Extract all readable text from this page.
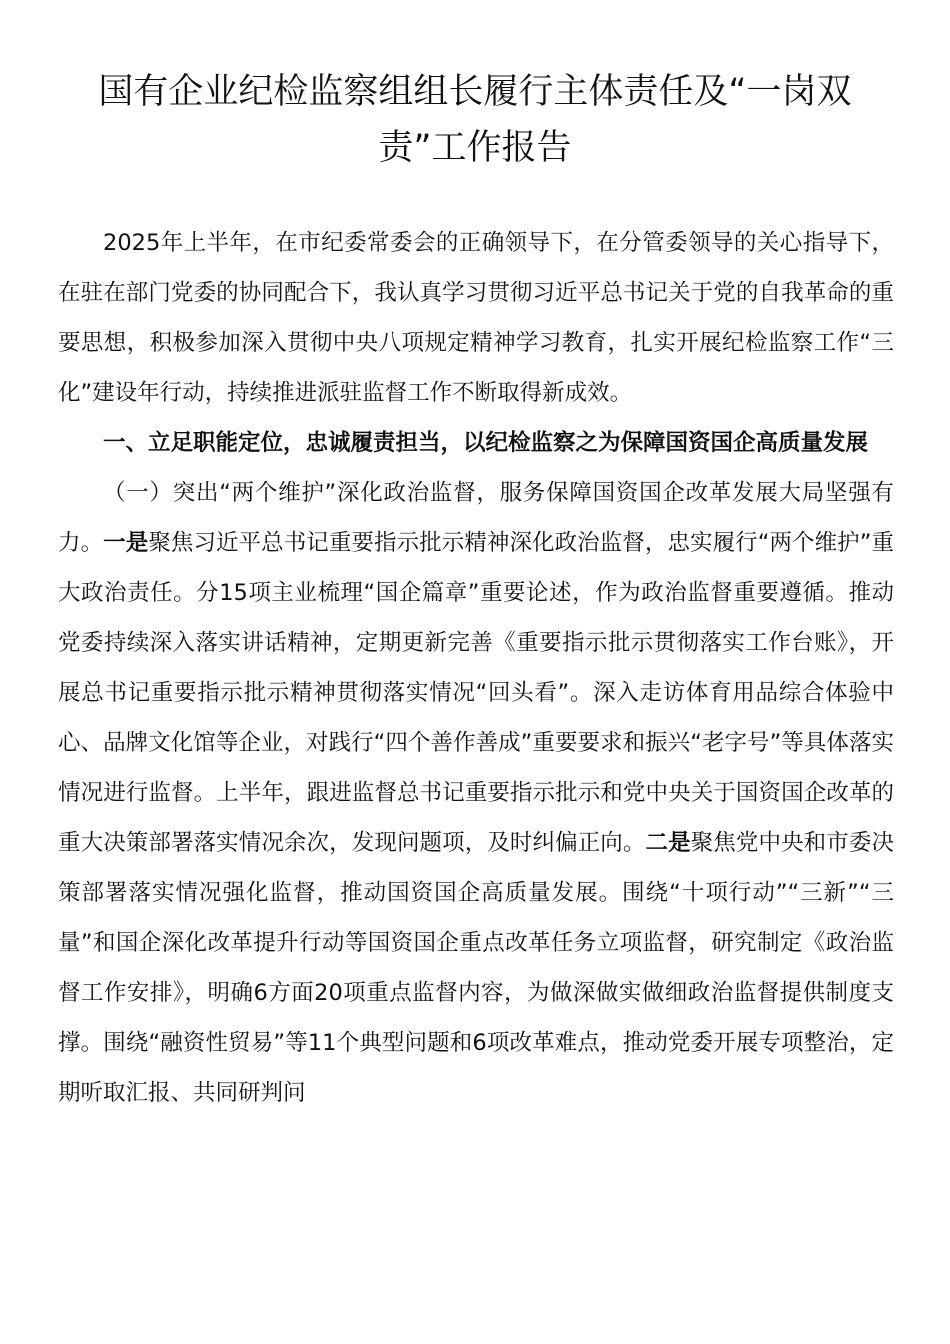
国有企业纪检监察组组长履行主体责任及“一岗双责”工作报告

2025年上半年，在市纪委常委会的正确领导下，在分管委领导的关心指导下，在驻在部门党委的协同配合下，我认真学习贯彻习近平总书记关于党的自我革命的重要思想，积极参加深入贯彻中央八项规定精神学习教育，扎实开展纪检监察工作“三化”建设年行动，持续推进派驻监督工作不断取得新成效。

一、立足职能定位，忠诚履责担当，以纪检监察之为保障国资国企高质量发展

（一）突出“两个维护”深化政治监督，服务保障国资国企改革发展大局坚强有力。一是聚焦习近平总书记重要指示批示精神深化政治监督，忠实履行“两个维护”重大政治责任。分15项主业梳理“国企篇章”重要论述，作为政治监督重要遵循。推动党委持续深入落实讲话精神，定期更新完善《重要指示批示贯彻落实工作台账》，开展总书记重要指示批示精神贯彻落实情况“回头看”。深入走访体育用品综合体验中心、品牌文化馆等企业，对践行“四个善作善成”重要要求和振兴“老字号”等具体落实情况进行监督。上半年，跟进监督总书记重要指示批示和党中央关于国资国企改革的重大决策部署落实情况余次，发现问题项，及时纠偏正向。二是聚焦党中央和市委决策部署落实情况强化监督，推动国资国企高质量发展。围绕“十项行动”“三新”“三量”和国企深化改革提升行动等国资国企重点改革任务立项监督，研究制定《政治监督工作安排》，明确6方面20项重点监督内容，为做深做实做细政治监督提供制度支撑。围绕“融资性贸易”等11个典型问题和6项改革难点，推动党委开展专项整治，定期听取汇报、共同研判问
